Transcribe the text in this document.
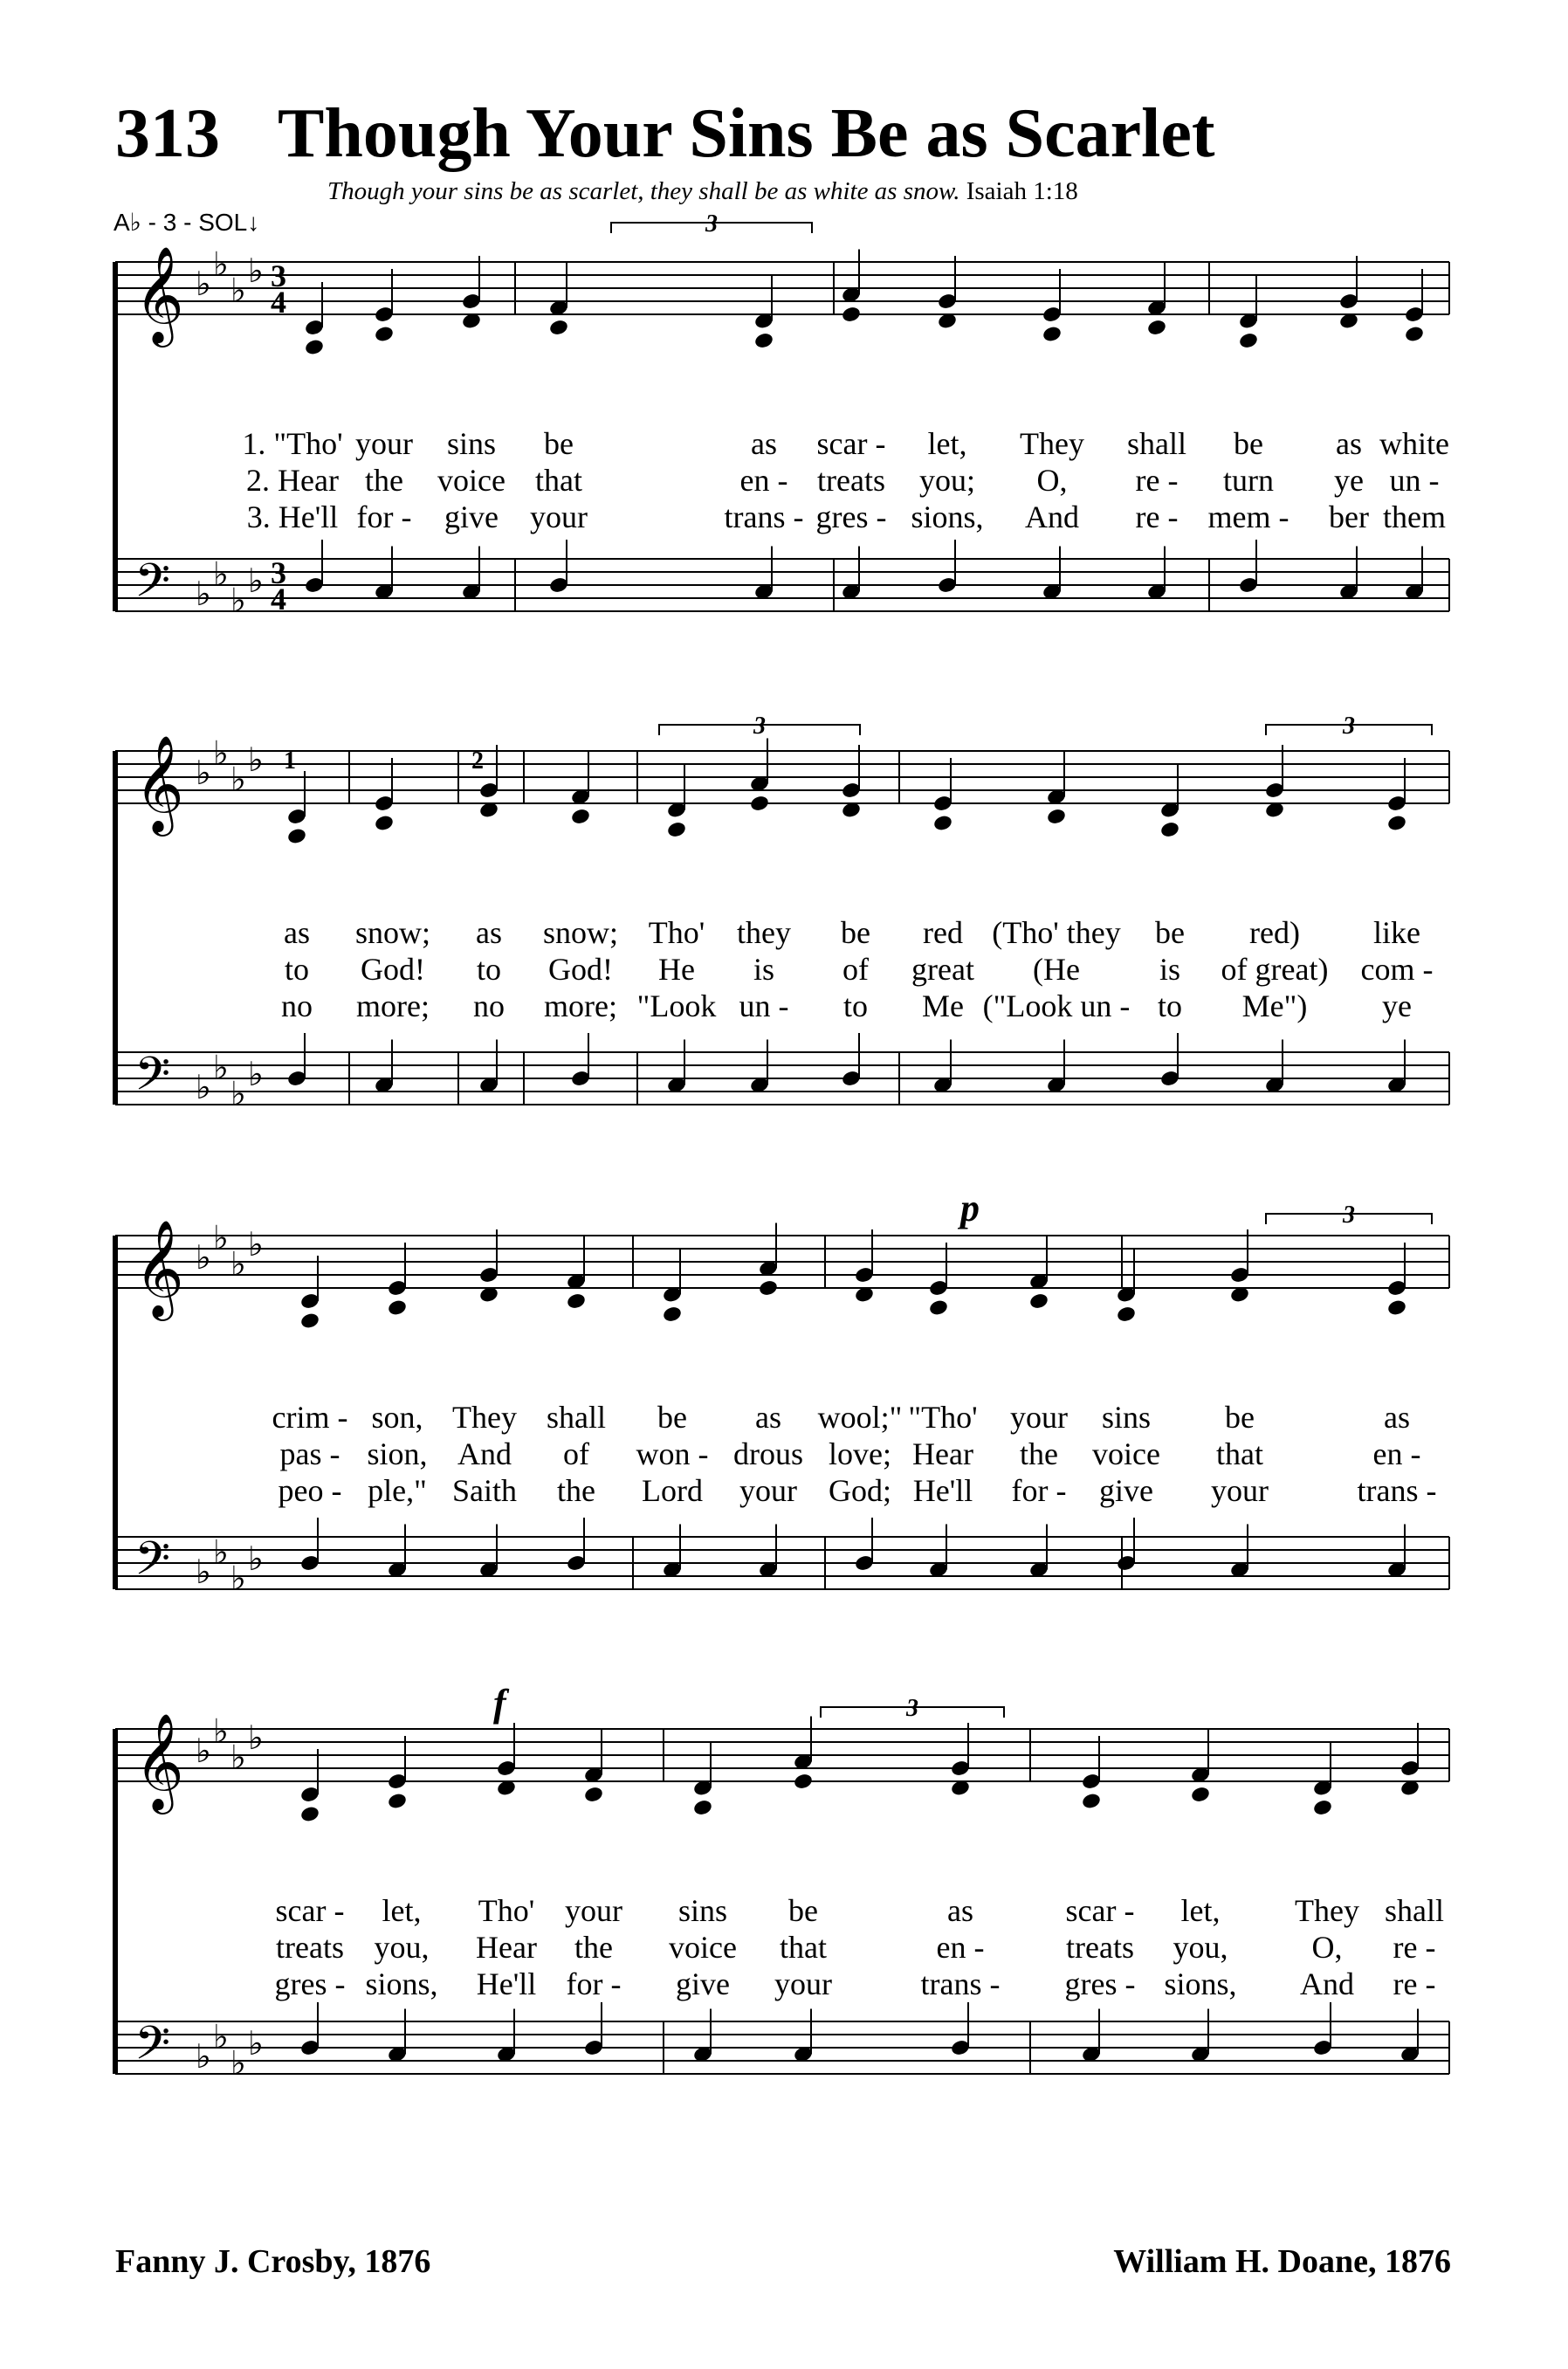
313 Though Your Sins Be as Scarlet
Though your sins be as scarlet, they shall be as white as snow. Isaiah 1:18
A♭ - 3 - SOL↓
𝄞 ♭
♭
♭
♭ 3
4
𝄢 ♭
♭
♭
♭ 3
4
1. "Tho' your sins be	as scar - let, They shall be as white
2. Hear the voice that	en - treats you; O, re - turn ye un -
3. He'll for - give your	trans - gres - sions, And re - mem - ber them
𝄞 ♭
♭
♭
♭
𝄢 ♭
♭
♭
♭
as snow; as snow; Tho' they be red (Tho' they be red) like
to God! to God! He is of great (He	is of great) com -
no more; no more; "Look un - to Me ("Look un - to Me") ye
𝄞 ♭
♭
♭
♭
𝄢 ♭
♭
♭
♭
crim - son, They shall be as wool;" "Tho' your sins be	as
pas - sion, And of won - drous love; Hear the voice that	en -
peo - ple," Saith the Lord your God; He'll for - give your	trans -
𝄞 ♭
♭
♭
♭
𝄢 ♭
♭
♭
♭
scar - let, Tho' your sins be	as	scar - let, They shall
treats you, Hear the voice that	en -	treats you,	O, re -
gres - sions, He'll for - give your	trans - gres - sions, And re -
3
3	3
3
3
1	2
p
f
Fanny J. Crosby, 1876	William H. Doane, 1876
